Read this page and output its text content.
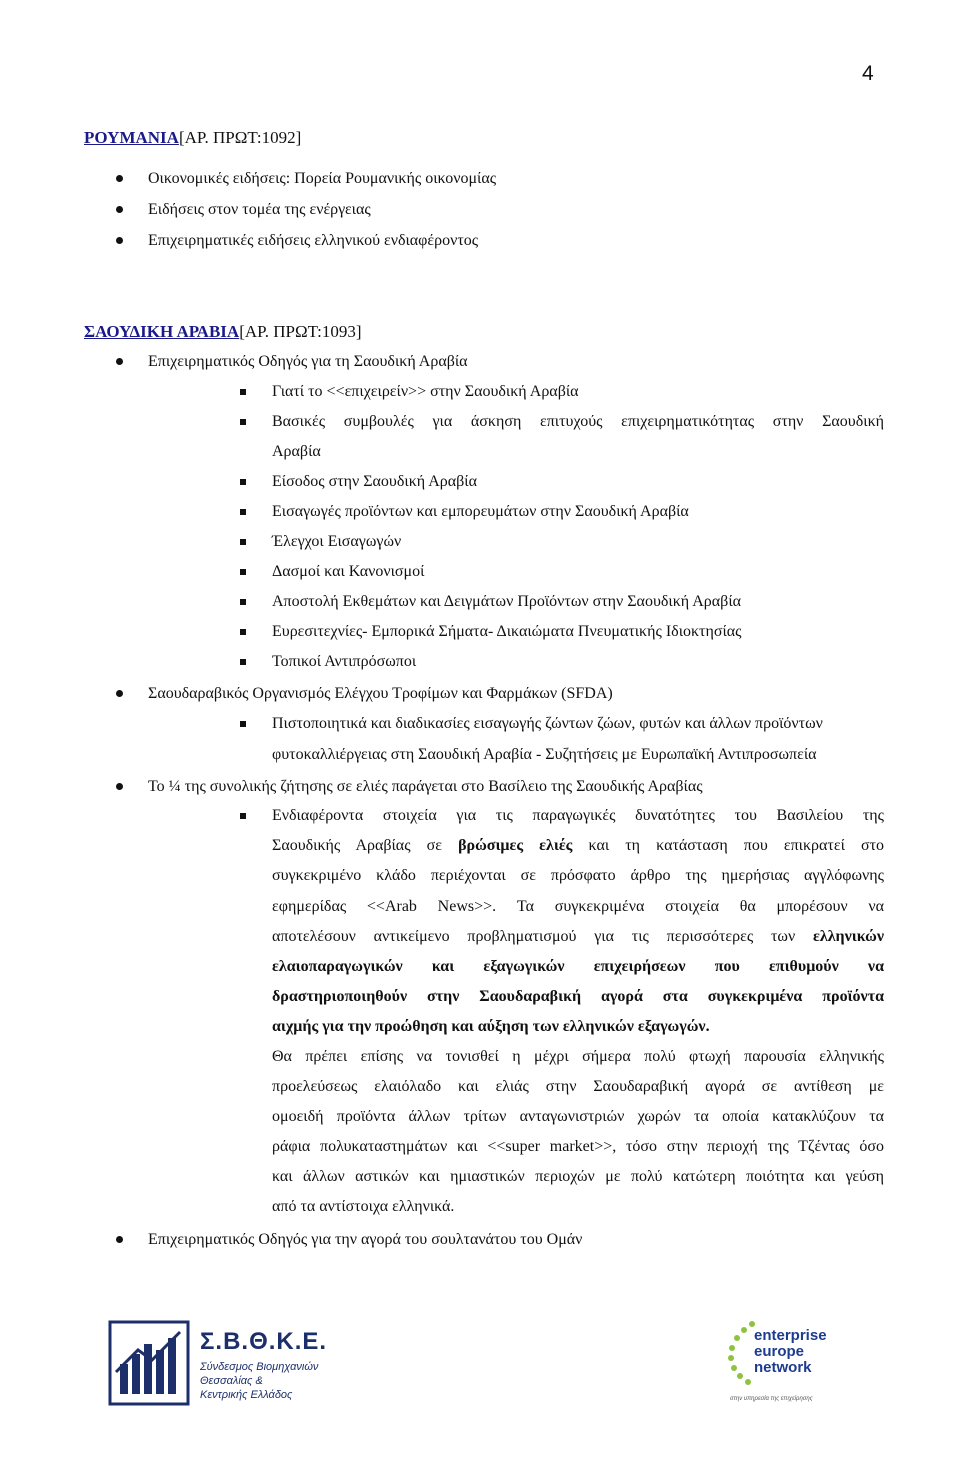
4
ΡΟΥΜΑΝΙΑ[ΑΡ. ΠΡΩΤ:1092]
Οικονομικές ειδήσεις: Πορεία Ρουμανικής οικονομίας
Ειδήσεις στον τομέα της ενέργειας
Επιχειρηματικές ειδήσεις ελληνικού ενδιαφέροντος
ΣΑΟΥΔΙΚΗ ΑΡΑΒΙΑ[ΑΡ. ΠΡΩΤ:1093]
Επιχειρηματικός Οδηγός για τη Σαουδική Αραβία
Γιατί το <<επιχειρείν>> στην Σαουδική Αραβία
Βασικές συμβουλές για άσκηση επιτυχούς επιχειρηματικότητας στην Σαουδική
Αραβία
Είσοδος στην Σαουδική Αραβία
Εισαγωγές προϊόντων και εμπορευμάτων στην Σαουδική Αραβία
Έλεγχοι Εισαγωγών
Δασμοί και Κανονισμοί
Αποστολή Εκθεμάτων και Δειγμάτων Προϊόντων στην Σαουδική Αραβία
Ευρεσιτεχνίες- Εμπορικά Σήματα- Δικαιώματα Πνευματικής Ιδιοκτησίας
Τοπικοί Αντιπρόσωποι
Σαουδαραβικός Οργανισμός Ελέγχου Τροφίμων και Φαρμάκων (SFDA)
Πιστοποιητικά και διαδικασίες εισαγωγής ζώντων ζώων, φυτών και άλλων προϊόντων
φυτοκαλλιέργειας στη Σαουδική Αραβία - Συζητήσεις με Ευρωπαϊκή Αντιπροσωπεία
Το ¼ της συνολικής ζήτησης σε ελιές παράγεται στο Βασίλειο της Σαουδικής Αραβίας
Ενδιαφέροντα στοιχεία για τις παραγωγικές δυνατότητες του Βασιλείου της
Σαουδικής Αραβίας σε βρώσιμες ελιές και τη κατάσταση που επικρατεί στο
συγκεκριμένο κλάδο περιέχονται σε πρόσφατο άρθρο της ημερήσιας αγγλόφωνης
εφημερίδας <<Arab News>>. Τα συγκεκριμένα στοιχεία θα μπορέσουν να
αποτελέσουν αντικείμενο προβληματισμού για τις περισσότερες των ελληνικών
ελαιοπαραγωγικών και εξαγωγικών επιχειρήσεων που επιθυμούν να
δραστηριοποιηθούν στην Σαουδαραβική αγορά στα συγκεκριμένα προϊόντα
αιχμής για την προώθηση και αύξηση των ελληνικών εξαγωγών.
Θα πρέπει επίσης να τονισθεί η μέχρι σήμερα πολύ φτωχή παρουσία ελληνικής
προελεύσεως ελαιόλαδο και ελιάς στην Σαουδαραβική αγορά σε αντίθεση με
ομοειδή προϊόντα άλλων τρίτων ανταγωνιστριών χωρών τα οποία κατακλύζουν τα
ράφια πολυκαταστημάτων και <<super market>>, τόσο στην περιοχή της Τζέντας όσο
και άλλων αστικών και ημιαστικών περιοχών με πολύ κατώτερη ποιότητα και γεύση
από τα αντίστοιχα ελληνικά.
Επιχειρηματικός Οδηγός για την αγορά του σουλτανάτου του Ομάν
Σ.Β.Θ.Κ.Ε.
Σύνδεσμος Βιομηχανιών
Θεσσαλίας &
Κεντρικής Ελλάδος
enterprise
europe
network
στην υπηρεσία της επιχείρησης
